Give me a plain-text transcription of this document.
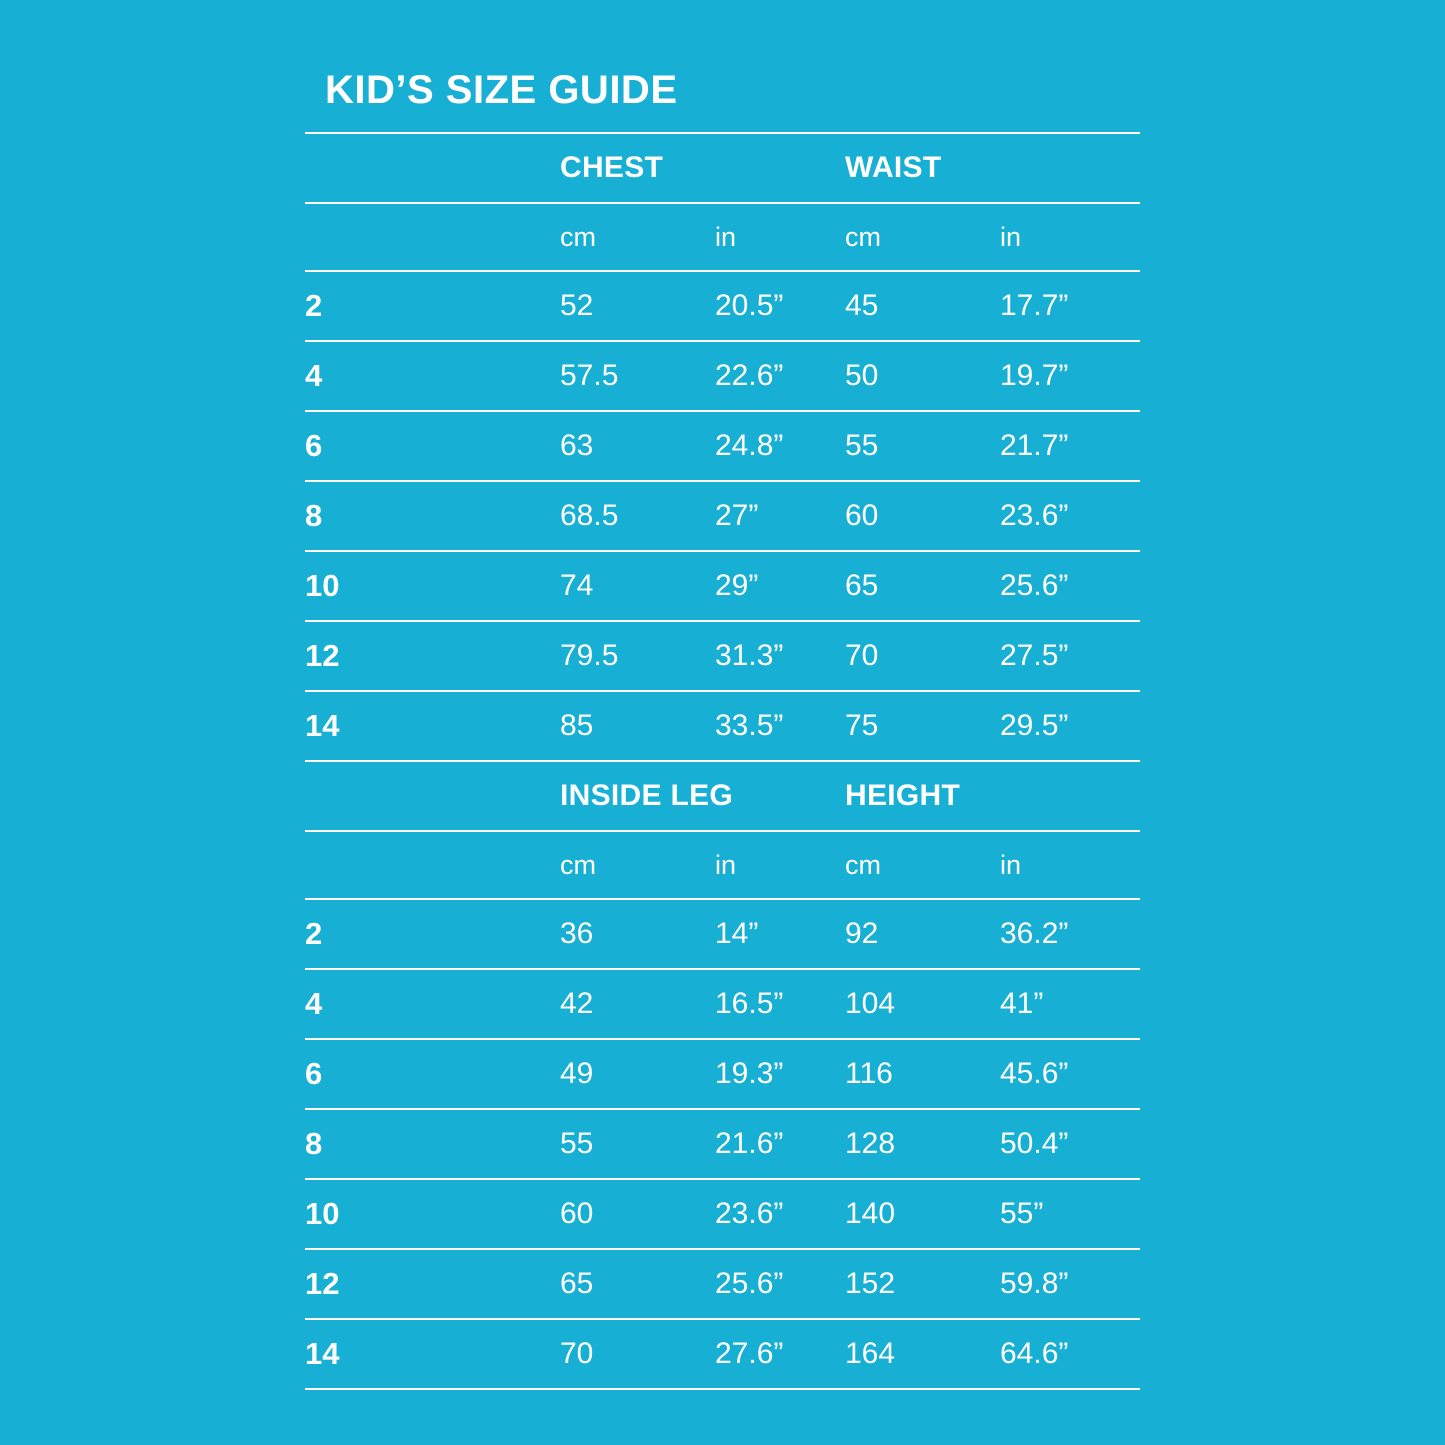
KID’S SIZE GUIDE
	CHEST		WAIST	
	cm	in	cm	in
2	52	20.5”	45	17.7”
4	57.5	22.6”	50	19.7”
6	63	24.8”	55	21.7”
8	68.5	27”	60	23.6”
10	74	29”	65	25.6”
12	79.5	31.3”	70	27.5”
14	85	33.5”	75	29.5”
	INSIDE LEG		HEIGHT	
	cm	in	cm	in
2	36	14”	92	36.2”
4	42	16.5”	104	41”
6	49	19.3”	116	45.6”
8	55	21.6”	128	50.4”
10	60	23.6”	140	55”
12	65	25.6”	152	59.8”
14	70	27.6”	164	64.6”
